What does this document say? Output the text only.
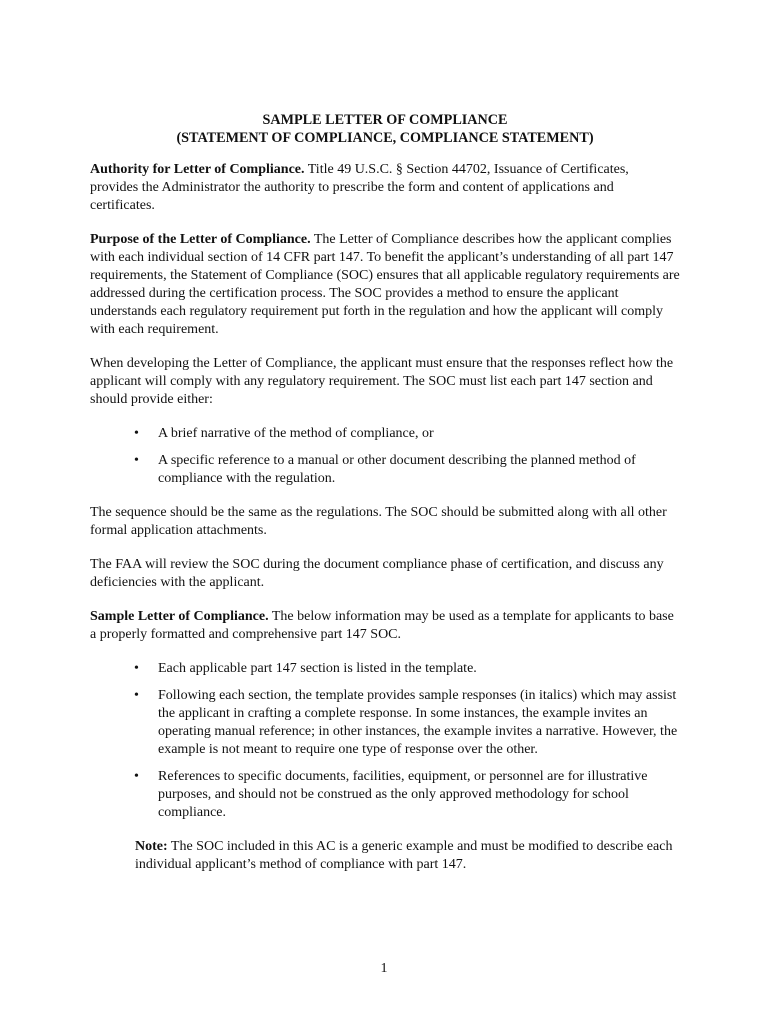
SAMPLE LETTER OF COMPLIANCE
(STATEMENT OF COMPLIANCE, COMPLIANCE STATEMENT)

Authority for Letter of Compliance. Title 49 U.S.C. § Section 44702, Issuance of Certificates, provides the Administrator the authority to prescribe the form and content of applications and certificates.

Purpose of the Letter of Compliance. The Letter of Compliance describes how the applicant complies with each individual section of 14 CFR part 147. To benefit the applicant’s understanding of all part 147 requirements, the Statement of Compliance (SOC) ensures that all applicable regulatory requirements are addressed during the certification process. The SOC provides a method to ensure the applicant understands each regulatory requirement put forth in the regulation and how the applicant will comply with each requirement.

When developing the Letter of Compliance, the applicant must ensure that the responses reflect how the applicant will comply with any regulatory requirement. The SOC must list each part 147 section and should provide either:

•	A brief narrative of the method of compliance, or
•	A specific reference to a manual or other document describing the planned method of compliance with the regulation.

The sequence should be the same as the regulations. The SOC should be submitted along with all other formal application attachments.

The FAA will review the SOC during the document compliance phase of certification, and discuss any deficiencies with the applicant.

Sample Letter of Compliance. The below information may be used as a template for applicants to base a properly formatted and comprehensive part 147 SOC.

•	Each applicable part 147 section is listed in the template.
•	Following each section, the template provides sample responses (in italics) which may assist the applicant in crafting a complete response. In some instances, the example invites an operating manual reference; in other instances, the example invites a narrative. However, the example is not meant to require one type of response over the other.
•	References to specific documents, facilities, equipment, or personnel are for illustrative purposes, and should not be construed as the only approved methodology for school compliance.

Note: The SOC included in this AC is a generic example and must be modified to describe each individual applicant’s method of compliance with part 147.

1
